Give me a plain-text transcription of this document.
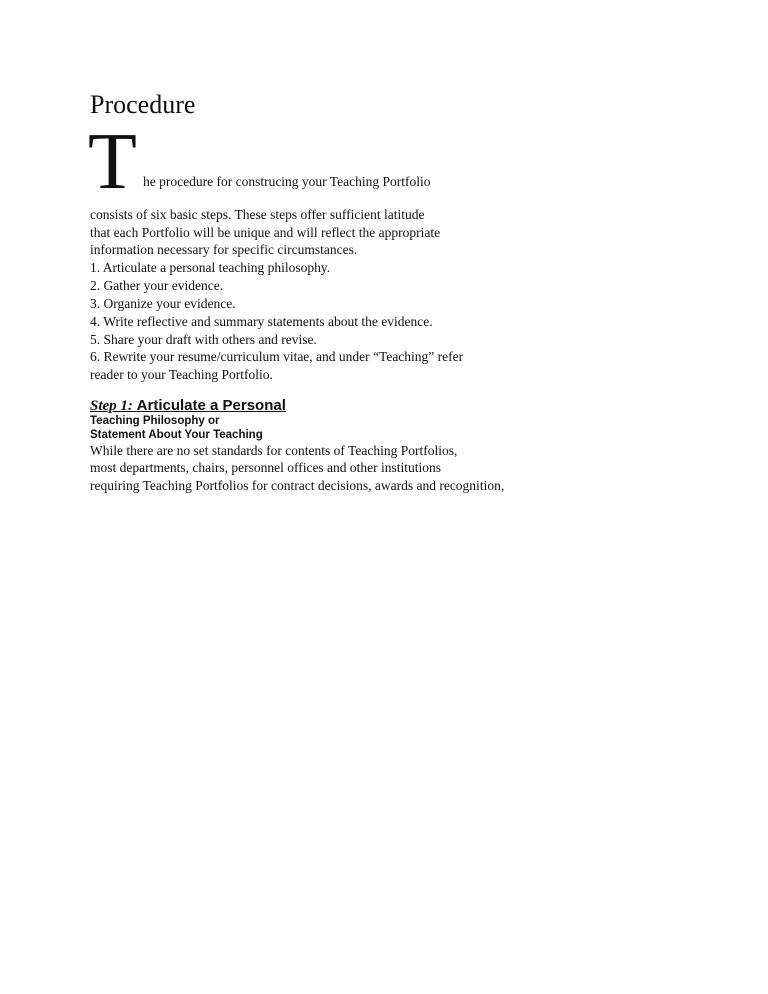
Procedure
T he procedure for construcing your Teaching Portfolio
consists of six basic steps. These steps offer sufficient latitude
that each Portfolio will be unique and will reflect the appropriate
information necessary for specific circumstances.
1. Articulate a personal teaching philosophy.
2. Gather your evidence.
3. Organize your evidence.
4. Write reflective and summary statements about the evidence.
5. Share your draft with others and revise.
6. Rewrite your resume/curriculum vitae, and under “Teaching” refer
reader to your Teaching Portfolio.
Step 1: Articulate a Personal
Teaching Philosophy or
Statement About Your Teaching
While there are no set standards for contents of Teaching Portfolios,
most departments, chairs, personnel offices and other institutions
requiring Teaching Portfolios for contract decisions, awards and recognition,
